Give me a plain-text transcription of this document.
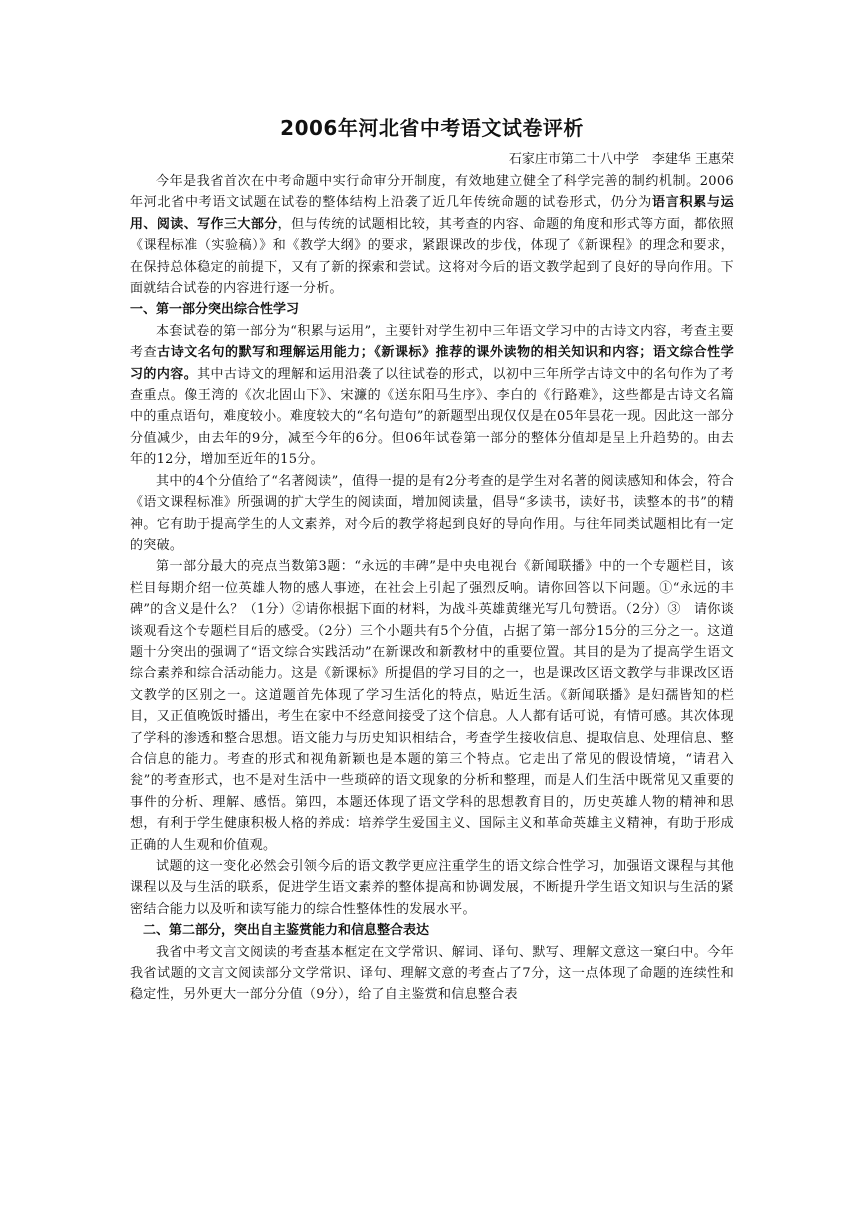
2006年河北省中考语文试卷评析
石家庄市第二十八中学　李建华 王惠荣

今年是我省首次在中考命题中实行命审分开制度，有效地建立健全了科学完善的制约机制。2006年河北省中考语文试题在试卷的整体结构上沿袭了近几年传统命题的试卷形式，仍分为语言积累与运用、阅读、写作三大部分，但与传统的试题相比较，其考查的内容、命题的角度和形式等方面，都依照《课程标准（实验稿）》和《教学大纲》的要求，紧跟课改的步伐，体现了《新课程》的理念和要求，在保持总体稳定的前提下，又有了新的探索和尝试。这将对今后的语文教学起到了良好的导向作用。下面就结合试卷的内容进行逐一分析。

一、第一部分突出综合性学习

本套试卷的第一部分为“积累与运用”，主要针对学生初中三年语文学习中的古诗文内容，考查主要考查古诗文名句的默写和理解运用能力；《新课标》推荐的课外读物的相关知识和内容；语文综合性学习的内容。其中古诗文的理解和运用沿袭了以往试卷的形式，以初中三年所学古诗文中的名句作为了考查重点。像王湾的《次北固山下》、宋濂的《送东阳马生序》、李白的《行路难》，这些都是古诗文名篇中的重点语句，难度较小。难度较大的“名句造句”的新题型出现仅仅是在05年昙花一现。因此这一部分分值减少，由去年的9分，减至今年的6分。但06年试卷第一部分的整体分值却是呈上升趋势的。由去年的12分，增加至近年的15分。

其中的4个分值给了“名著阅读”，值得一提的是有2分考查的是学生对名著的阅读感知和体会，符合《语文课程标准》所强调的扩大学生的阅读面，增加阅读量，倡导“多读书，读好书，读整本的书”的精神。它有助于提高学生的人文素养，对今后的教学将起到良好的导向作用。与往年同类试题相比有一定的突破。

第一部分最大的亮点当数第3题：“永远的丰碑”是中央电视台《新闻联播》中的一个专题栏目，该栏目每期介绍一位英雄人物的感人事迹，在社会上引起了强烈反响。请你回答以下问题。①“永远的丰碑”的含义是什么？（1分）②请你根据下面的材料，为战斗英雄黄继光写几句赞语。（2分）③　请你谈谈观看这个专题栏目后的感受。（2分）三个小题共有5个分值，占据了第一部分15分的三分之一。这道题十分突出的强调了“语文综合实践活动”在新课改和新教材中的重要位置。其目的是为了提高学生语文综合素养和综合活动能力。这是《新课标》所提倡的学习目的之一，也是课改区语文教学与非课改区语文教学的区别之一。这道题首先体现了学习生活化的特点，贴近生活。《新闻联播》是妇孺皆知的栏目，又正值晚饭时播出，考生在家中不经意间接受了这个信息。人人都有话可说，有情可感。其次体现了学科的渗透和整合思想。语文能力与历史知识相结合，考查学生接收信息、提取信息、处理信息、整合信息的能力。考查的形式和视角新颖也是本题的第三个特点。它走出了常见的假设情境，“请君入瓮”的考查形式，也不是对生活中一些琐碎的语文现象的分析和整理，而是人们生活中既常见又重要的事件的分析、理解、感悟。第四，本题还体现了语文学科的思想教育目的，历史英雄人物的精神和思想，有利于学生健康积极人格的养成：培养学生爱国主义、国际主义和革命英雄主义精神，有助于形成正确的人生观和价值观。

试题的这一变化必然会引领今后的语文教学更应注重学生的语文综合性学习，加强语文课程与其他课程以及与生活的联系，促进学生语文素养的整体提高和协调发展，不断提升学生语文知识与生活的紧密结合能力以及听和读写能力的综合性整体性的发展水平。

二、第二部分，突出自主鉴赏能力和信息整合表达

我省中考文言文阅读的考查基本框定在文学常识、解词、译句、默写、理解文意这一窠臼中。今年我省试题的文言文阅读部分文学常识、译句、理解文意的考查占了7分，这一点体现了命题的连续性和稳定性，另外更大一部分分值（9分），给了自主鉴赏和信息整合表
